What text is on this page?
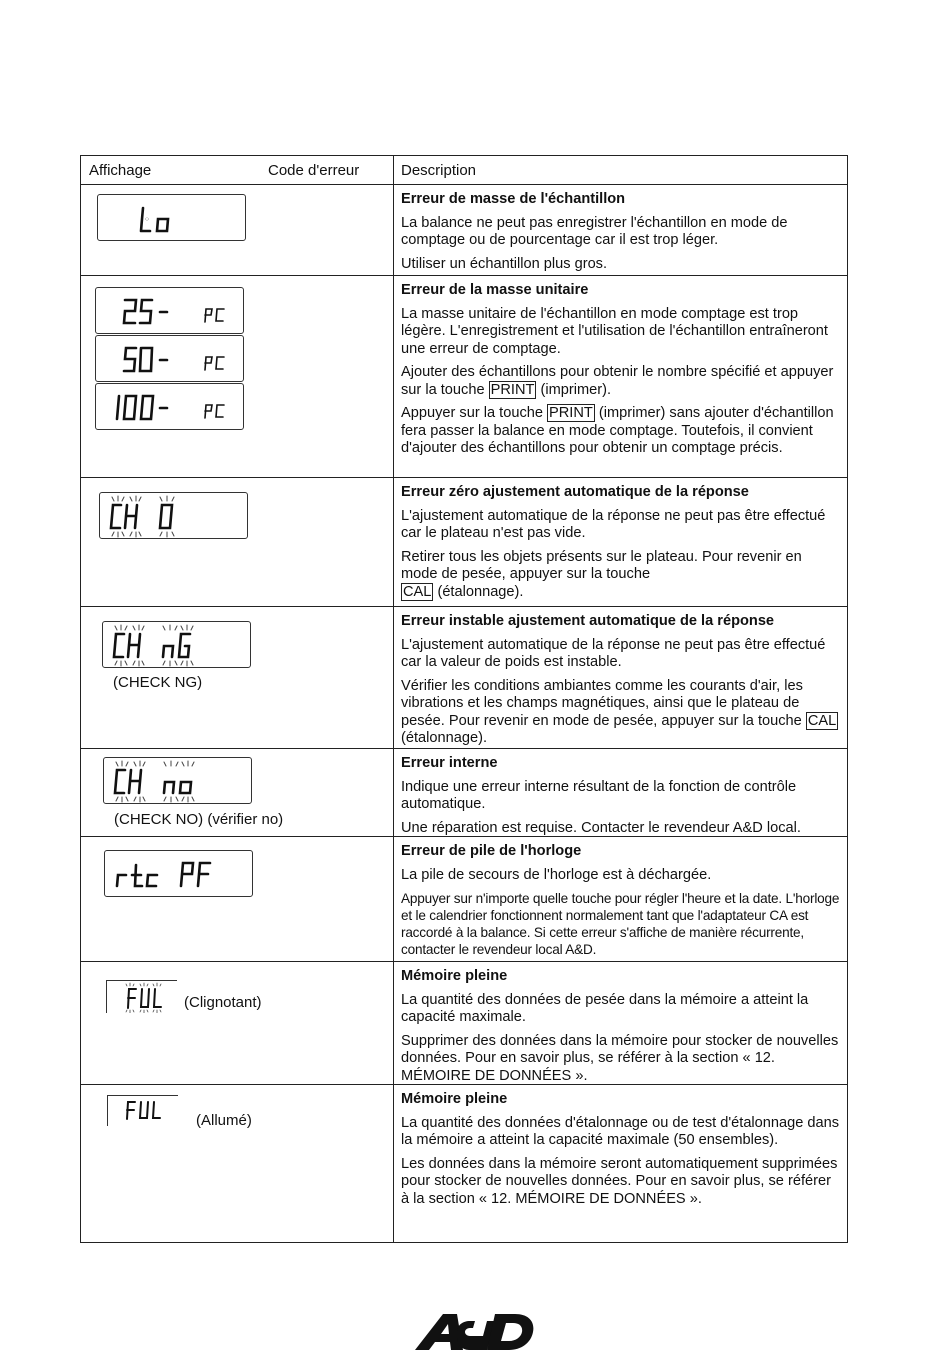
Affichage	Code d'erreur	Description
Erreur de masse de l'échantillon

La balance ne peut pas enregistrer l'échantillon en mode de comptage ou de pourcentage car il est trop léger.

Utiliser un échantillon plus gros.

Erreur de la masse unitaire

La masse unitaire de l'échantillon en mode comptage est trop légère. L'enregistrement et l'utilisation de l'échantillon entraîneront une erreur de comptage.

Ajouter des échantillons pour obtenir le nombre spécifié et appuyer sur la touche PRINT (imprimer).

Appuyer sur la touche PRINT (imprimer) sans ajouter d'échantillon fera passer la balance en mode comptage. Toutefois, il convient d'ajouter des échantillons pour obtenir un comptage précis.

Erreur zéro ajustement automatique de la réponse

L'ajustement automatique de la réponse ne peut pas être effectué car le plateau n'est pas vide.

Retirer tous les objets présents sur le plateau. Pour revenir en mode de pesée, appuyer sur la touche
CAL (étalonnage).

(CHECK NG)
Erreur instable ajustement automatique de la réponse

L'ajustement automatique de la réponse ne peut pas être effectué car la valeur de poids est instable.

Vérifier les conditions ambiantes comme les courants d'air, les vibrations et les champs magnétiques, ainsi que le plateau de pesée. Pour revenir en mode de pesée, appuyer sur la touche CAL (étalonnage).

(CHECK NO) (vérifier no)
Erreur interne

Indique une erreur interne résultant de la fonction de contrôle automatique.

Une réparation est requise. Contacter le revendeur A&D local.

Erreur de pile de l'horloge

La pile de secours de l'horloge est à déchargée.

Appuyer sur n'importe quelle touche pour régler l'heure et la date. L'horloge et le calendrier fonctionnent normalement tant que l'adaptateur CA est raccordé à la balance. Si cette erreur s'affiche de manière récurrente, contacter le revendeur local A&D.

Mémoire pleine

La quantité des données de pesée dans la mémoire a atteint la capacité maximale.

Supprimer des données dans la mémoire pour stocker de nouvelles données. Pour en savoir plus, se référer à la section « 12. MÉMOIRE DE DONNÉES ».

Mémoire pleine

La quantité des données d'étalonnage ou de test d'étalonnage dans la mémoire a atteint la capacité maximale (50 ensembles).

Les données dans la mémoire seront automatiquement supprimées pour stocker de nouvelles données. Pour en savoir plus, se référer à la section « 12. MÉMOIRE DE DONNÉES ».

(Clignotant)
(Allumé)
